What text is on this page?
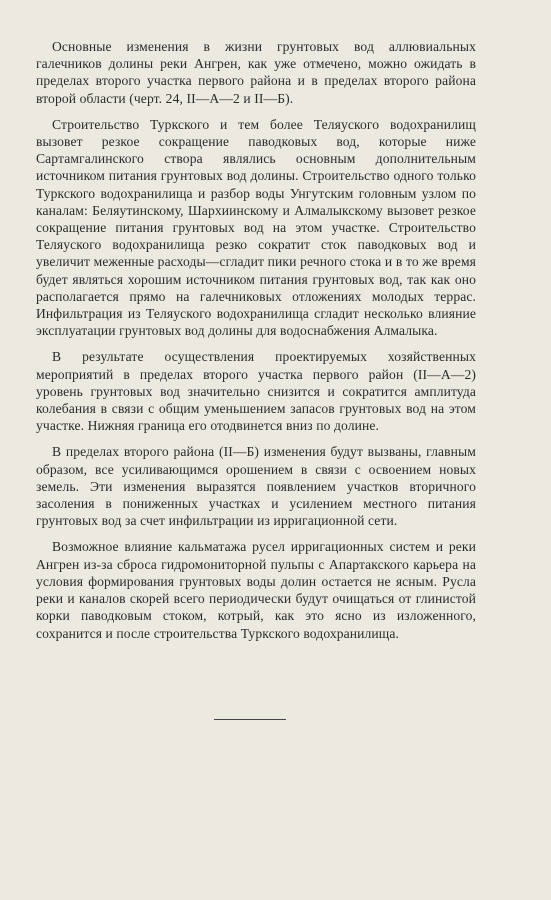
Основные изменения в жизни грунтовых вод аллювиальных галечников долины реки Ангрен, как уже отмечено, можно ожидать в пределах второго участка первого района и в пределах второго района второй области (черт. 24, II—А—2 и II—Б).

Строительство Туркского и тем более Теляуского водохранилищ вызовет резкое сокращение паводковых вод, которые ниже Сартамгалинского створа являлись основным дополнительным источником питания грунтовых вод долины. Строительство одного только Туркского водохранилища и разбор воды Унгутским головным узлом по каналам: Беляутинскому, Шархиинскому и Алмалыкскому вызовет резкое сокращение питания грунтовых вод на этом участке. Строительство Теляуского водохранилища резко сократит сток паводковых вод и увеличит меженные расходы—сгладит пики речного стока и в то же время будет являться хорошим источником питания грунтовых вод, так как оно располагается прямо на галечниковых отложениях молодых террас. Инфильтрация из Теляуского водохранилища сгладит несколько влияние эксплуатации грунтовых вод долины для водоснабжения Алмалыка.

В результате осуществления проектируемых хозяйственных мероприятий в пределах второго участка первого район (II—А—2) уровень грунтовых вод значительно снизится и сократится амплитуда колебания в связи с общим уменьшением запасов грунтовых вод на этом участке. Нижняя граница его отодвинется вниз по долине.

В пределах второго района (II—Б) изменения будут вызваны, главным образом, все усиливающимся орошением в связи с освоением новых земель. Эти изменения выразятся появлением участков вторичного засоления в пониженных участках и усилением местного питания грунтовых вод за счет инфильтрации из ирригационной сети.

Возможное влияние кальматажа русел ирригационных систем и реки Ангрен из-за сброса гидромониторной пульпы с Апартакского карьера на условия формирования грунтовых воды долин остается не ясным. Русла реки и каналов скорей всего периодически будут очищаться от глинистой корки паводковым стоком, котрый, как это ясно из изложенного, сохранится и после строительства Туркского водохранилища.
